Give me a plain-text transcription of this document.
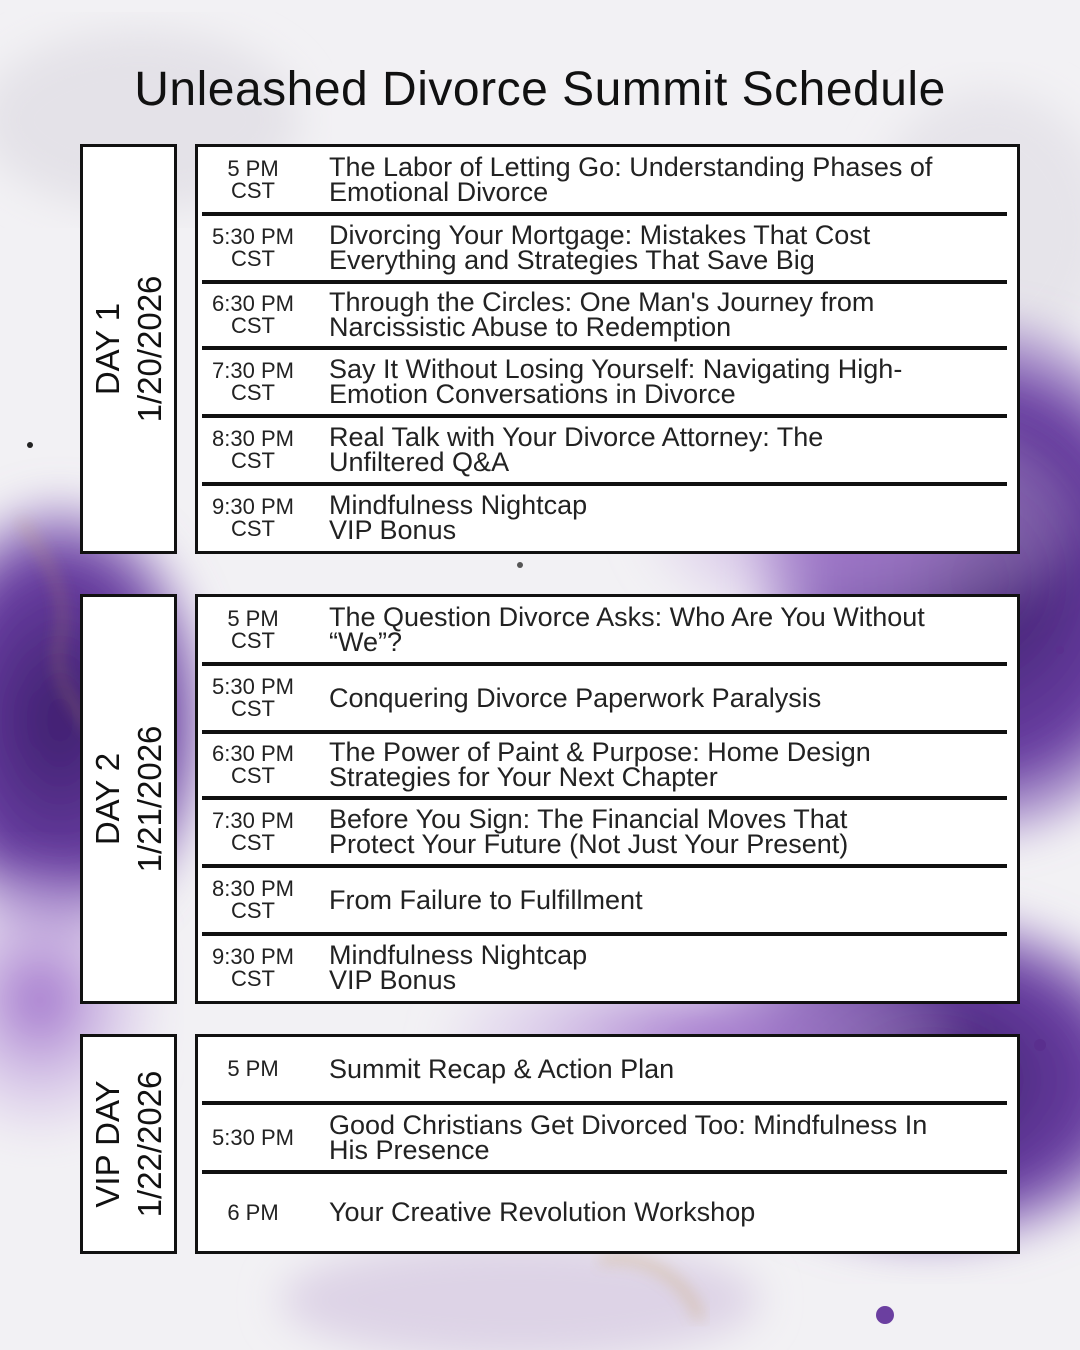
Unleashed Divorce Summit Schedule
DAY 1 1/20/2026
5 PM
CST
The Labor of Letting Go: Understanding Phases of
Emotional Divorce
5:30 PM
CST
Divorcing Your Mortgage: Mistakes That Cost
Everything and Strategies That Save Big
6:30 PM
CST
Through the Circles: One Man's Journey from
Narcissistic Abuse to Redemption
7:30 PM
CST
Say It Without Losing Yourself: Navigating High-
Emotion Conversations in Divorce
8:30 PM
CST
Real Talk with Your Divorce Attorney: The
Unfiltered Q&A
9:30 PM
CST
Mindfulness Nightcap
VIP Bonus
DAY 2 1/21/2026
5 PM
CST
The Question Divorce Asks: Who Are You Without
“We”?
5:30 PM
CST Conquering Divorce Paperwork Paralysis
6:30 PM
CST
The Power of Paint & Purpose: Home Design
Strategies for Your Next Chapter
7:30 PM
CST
Before You Sign: The Financial Moves That
Protect Your Future (Not Just Your Present)
8:30 PM
CST From Failure to Fulfillment
9:30 PM
CST
Mindfulness Nightcap
VIP Bonus
VIP DAY 1/22/2026
5 PM Summit Recap & Action Plan
5:30 PM Good Christians Get Divorced Too: Mindfulness In
His Presence
6 PM Your Creative Revolution Workshop
